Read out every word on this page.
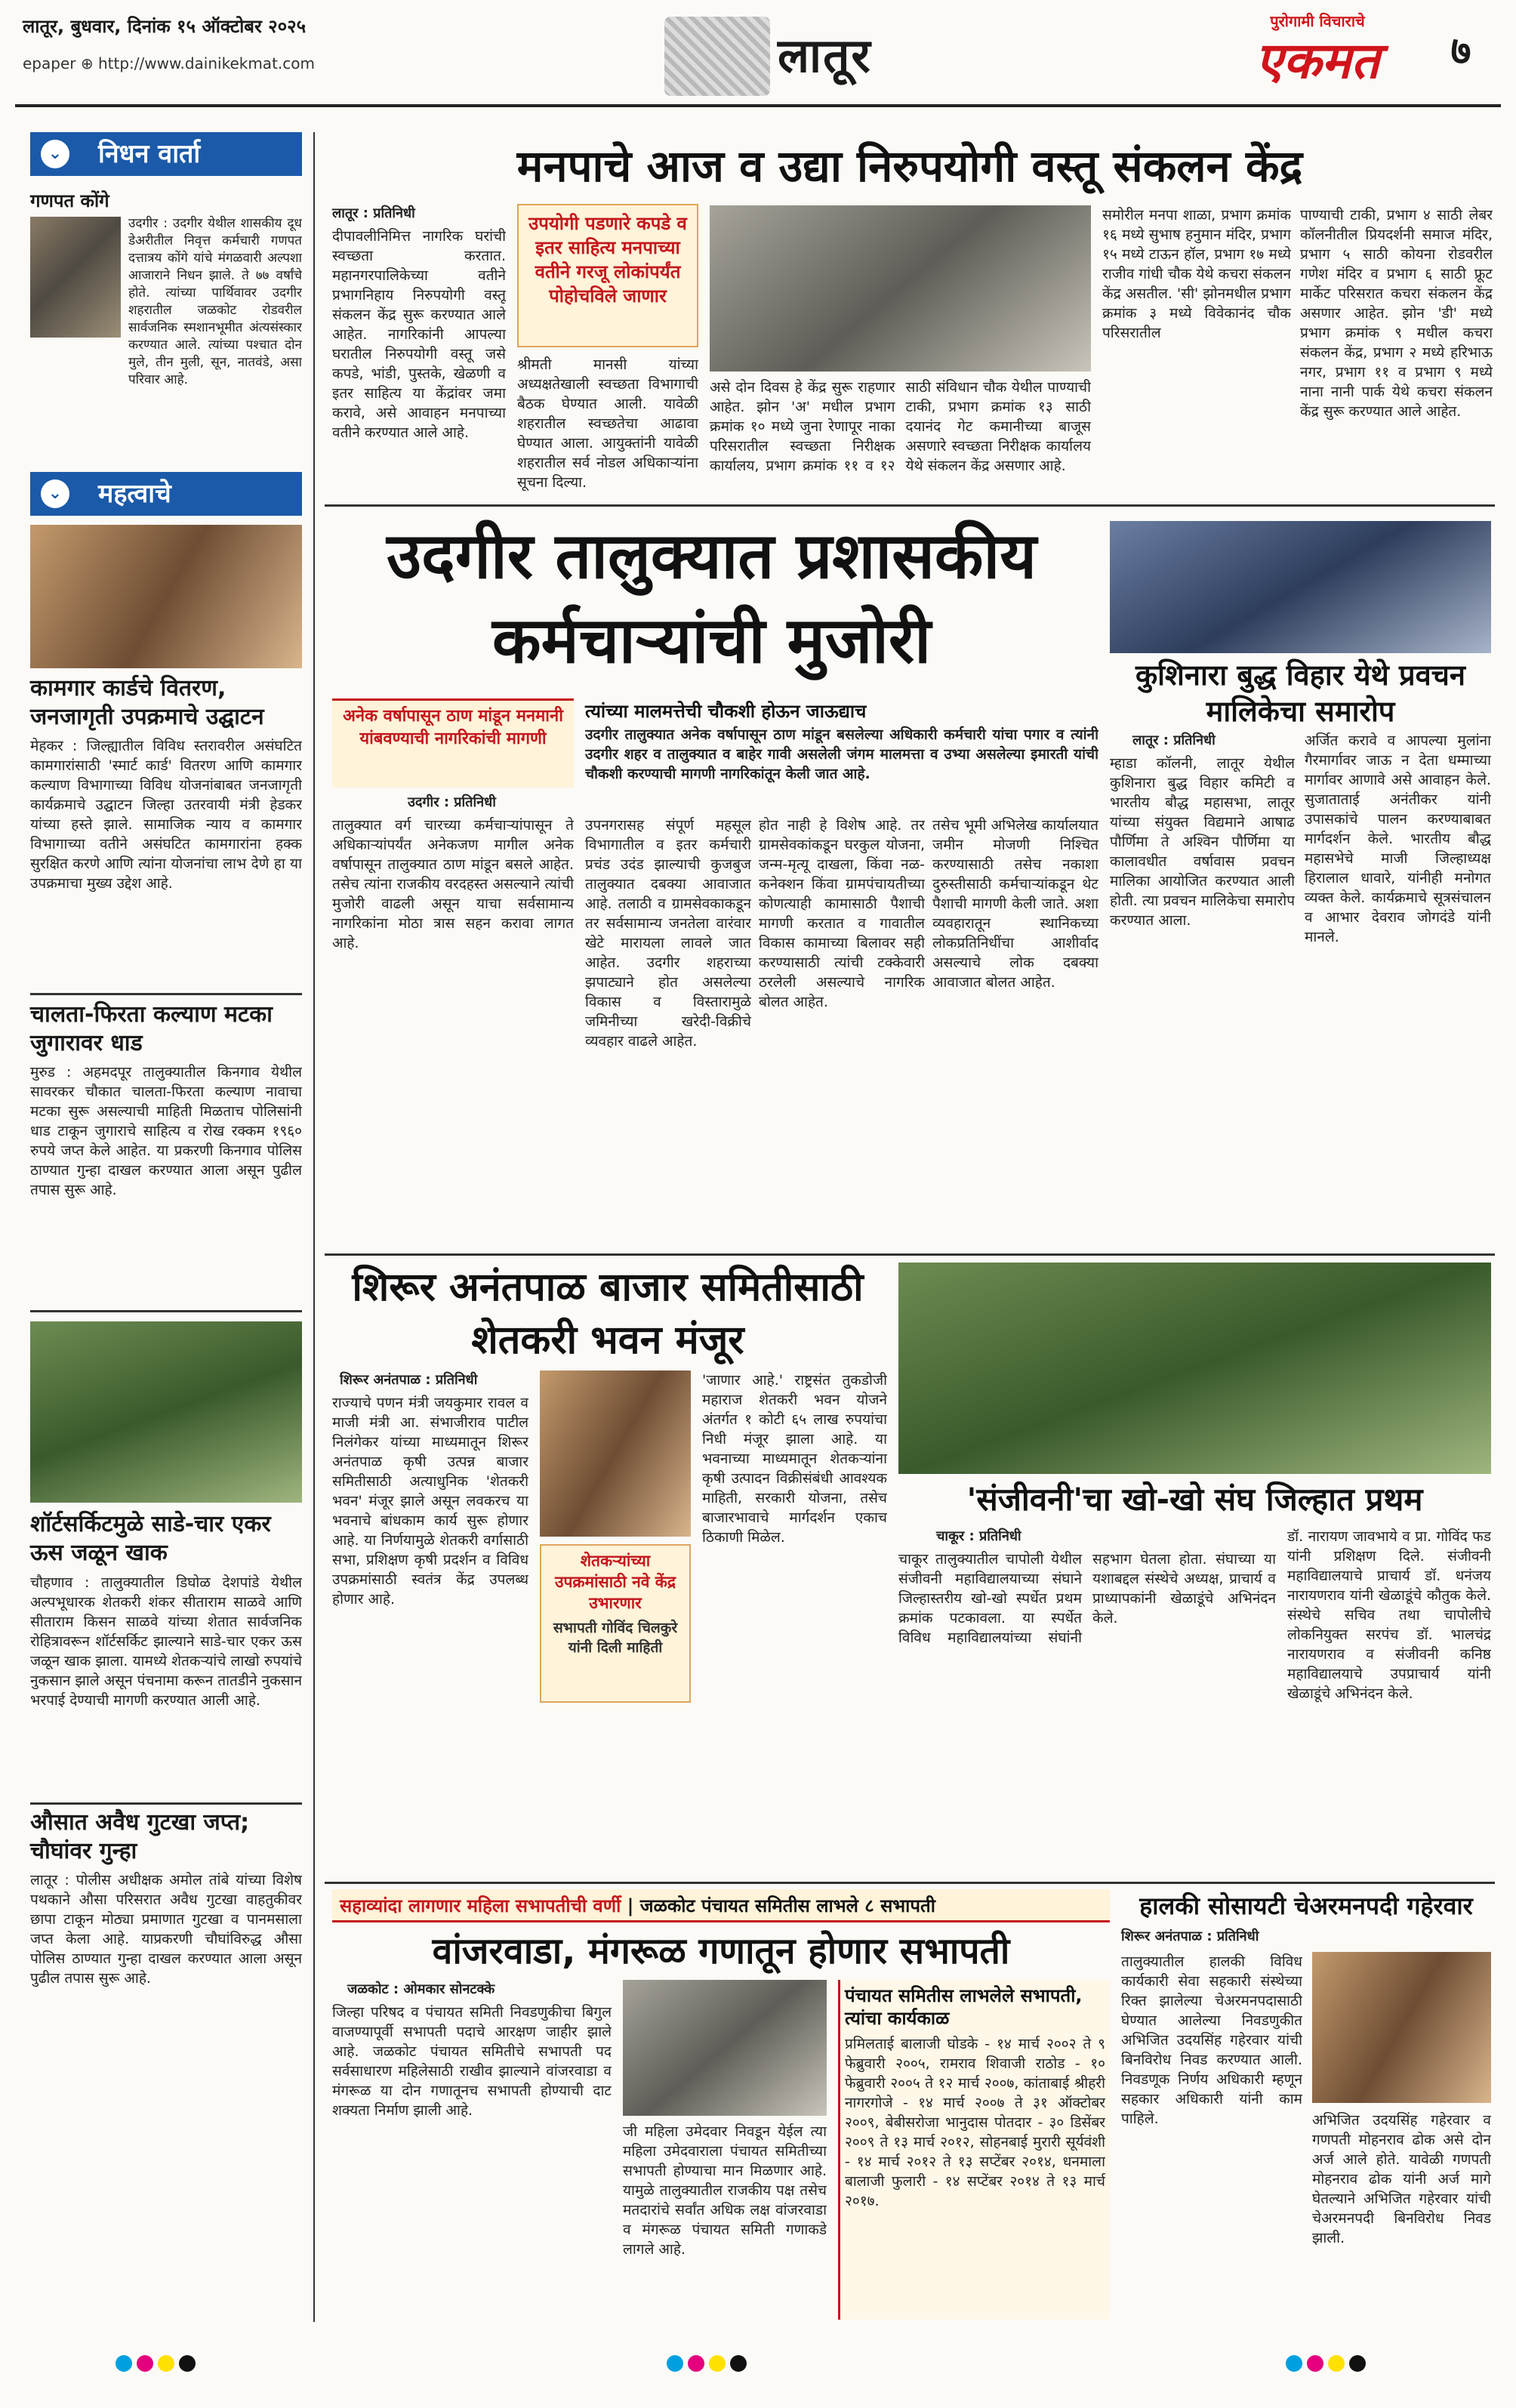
लातूर, बुधवार, दिनांक १५ ऑक्टोबर २०२५
epaper ⊕ http://www.dainikekmat.com	लातूर
पुरोगामी विचाराचे
एकमत	७
⌄ निधन वार्ता
गणपत कोंगे
उदगीर : उदगीर येथील शासकीय दूध डेअरीतील निवृत्त कर्मचारी गणपत दत्तात्रय कोंगे यांचे मंगळवारी अल्पशा आजाराने निधन झाले. ते ७७ वर्षांचे होते. त्यांच्या पार्थिवावर उदगीर शहरातील जळकोट रोडवरील सार्वजनिक स्मशानभूमीत अंत्यसंस्कार करण्यात आले. त्यांच्या पश्चात दोन मुले, तीन मुली, सून, नातवंडे, असा परिवार आहे.
⌄ महत्वाचे
कामगार कार्डचे वितरण, जनजागृती उपक्रमाचे उद्घाटन
मेहकर : जिल्ह्यातील विविध स्तरावरील असंघटित कामगारांसाठी 'स्मार्ट कार्ड' वितरण आणि कामगार कल्याण विभागाच्या विविध योजनांबाबत जनजागृती कार्यक्रमाचे उद्घाटन जिल्हा उतरवायी मंत्री हेडकर यांच्या हस्ते झाले. सामाजिक न्याय व कामगार विभागाच्या वतीने असंघटित कामगारांना हक्क सुरक्षित करणे आणि त्यांना योजनांचा लाभ देणे हा या उपक्रमाचा मुख्य उद्देश आहे.
चालता-फिरता कल्याण मटका जुगारावर धाड
मुरुड : अहमदपूर तालुक्यातील किनगाव येथील सावरकर चौकात चालता-फिरता कल्याण नावाचा मटका सुरू असल्याची माहिती मिळताच पोलिसांनी धाड टाकून जुगाराचे साहित्य व रोख रक्कम १९६० रुपये जप्त केले आहेत. या प्रकरणी किनगाव पोलिस ठाण्यात गुन्हा दाखल करण्यात आला असून पुढील तपास सुरू आहे.
शॉर्टसर्किटमुळे साडे-चार एकर ऊस जळून खाक
चौहणाव : तालुक्यातील डिघोळ देशपांडे येथील अल्पभूधारक शेतकरी शंकर सीताराम साळवे आणि सीताराम किसन साळवे यांच्या शेतात सार्वजनिक रोहित्रावरून शॉर्टसर्किट झाल्याने साडे-चार एकर ऊस जळून खाक झाला. यामध्ये शेतकऱ्यांचे लाखो रुपयांचे नुकसान झाले असून पंचनामा करून तातडीने नुकसान भरपाई देण्याची मागणी करण्यात आली आहे.
औसात अवैध गुटखा जप्त; चौघांवर गुन्हा
लातूर : पोलीस अधीक्षक अमोल तांबे यांच्या विशेष पथकाने औसा परिसरात अवैध गुटखा वाहतुकीवर छापा टाकून मोठ्या प्रमाणात गुटखा व पानमसाला जप्त केला आहे. याप्रकरणी चौघांविरुद्ध औसा पोलिस ठाण्यात गुन्हा दाखल करण्यात आला असून पुढील तपास सुरू आहे.
मनपाचे आज व उद्या निरुपयोगी वस्तू संकलन केंद्र
लातूर : प्रतिनिधी
दीपावलीनिमित्त नागरिक घरांची स्वच्छता करतात. महानगरपालिकेच्या वतीने प्रभागनिहाय निरुपयोगी वस्तू संकलन केंद्र सुरू करण्यात आले आहेत. नागरिकांनी आपल्या घरातील निरुपयोगी वस्तू जसे कपडे, भांडी, पुस्तके, खेळणी व इतर साहित्य या केंद्रांवर जमा करावे, असे आवाहन मनपाच्या वतीने करण्यात आले आहे.
उपयोगी पडणारे कपडे व इतर साहित्य मनपाच्या वतीने गरजू लोकांपर्यंत पोहोचविले जाणार
श्रीमती मानसी यांच्या अध्यक्षतेखाली स्वच्छता विभागाची बैठक घेण्यात आली. यावेळी शहरातील स्वच्छतेचा आढावा घेण्यात आला. आयुक्तांनी यावेळी शहरातील सर्व नोडल अधिकाऱ्यांना सूचना दिल्या.
असे दोन दिवस हे केंद्र सुरू राहणार आहेत. झोन 'अ' मधील प्रभाग क्रमांक १० मध्ये जुना रेणापूर नाका परिसरातील स्वच्छता निरीक्षक कार्यालय, प्रभाग क्रमांक ११ व १२ साठी संविधान चौक येथील पाण्याची टाकी, प्रभाग क्रमांक १३ साठी दयानंद गेट कमानीच्या बाजूस असणारे स्वच्छता निरीक्षक कार्यालय येथे संकलन केंद्र असणार आहे.
समोरील मनपा शाळा, प्रभाग क्रमांक १६ मध्ये सुभाष हनुमान मंदिर, प्रभाग १५ मध्ये टाऊन हॉल, प्रभाग १७ मध्ये राजीव गांधी चौक येथे कचरा संकलन केंद्र असतील. 'सी' झोनमधील प्रभाग क्रमांक ३ मध्ये विवेकानंद चौक परिसरातील
पाण्याची टाकी, प्रभाग ४ साठी लेबर कॉलनीतील प्रियदर्शनी समाज मंदिर, प्रभाग ५ साठी कोयना रोडवरील गणेश मंदिर व प्रभाग ६ साठी फ्रूट मार्केट परिसरात कचरा संकलन केंद्र असणार आहेत. झोन 'डी' मध्ये प्रभाग क्रमांक ९ मधील कचरा संकलन केंद्र, प्रभाग २ मध्ये हरिभाऊ नगर, प्रभाग ११ व प्रभाग ९ मध्ये नाना नानी पार्क येथे कचरा संकलन केंद्र सुरू करण्यात आले आहेत.
उदगीर तालुक्यात प्रशासकीय कर्मचाऱ्यांची मुजोरी
अनेक वर्षापासून ठाण मांडून मनमानी यांबवण्याची नागरिकांची मागणी
उदगीर : प्रतिनिधी
तालुक्यात वर्ग चारच्या कर्मचाऱ्यांपासून ते अधिकाऱ्यांपर्यंत अनेकजण मागील अनेक वर्षापासून तालुक्यात ठाण मांडून बसले आहेत. तसेच त्यांना राजकीय वरदहस्त असल्याने त्यांची मुजोरी वाढली असून याचा सर्वसामान्य नागरिकांना मोठा त्रास सहन करावा लागत आहे.
त्यांच्या मालमत्तेची चौकशी होऊन जाऊद्याच
उदगीर तालुक्यात अनेक वर्षापासून ठाण मांडून बसलेल्या अधिकारी कर्मचारी यांचा पगार व त्यांनी उदगीर शहर व तालुक्यात व बाहेर गावी असलेली जंगम मालमत्ता व उभ्या असलेल्या इमारती यांची चौकशी करण्याची मागणी नागरिकांतून केली जात आहे.
उपनगरासह संपूर्ण महसूल विभागातील व इतर कर्मचारी प्रचंड उदंड झाल्याची कुजबुज तालुक्यात दबक्या आवाजात आहे. तलाठी व ग्रामसेवकाकडून तर सर्वसामान्य जनतेला वारंवार खेटे मारायला लावले जात आहेत. उदगीर शहराच्या झपाट्याने होत असलेल्या विकास व विस्तारामुळे जमिनीच्या खरेदी-विक्रीचे व्यवहार वाढले आहेत.
होत नाही हे विशेष आहे. तर ग्रामसेवकांकडून घरकुल योजना, जन्म-मृत्यू दाखला, किंवा नळ-कनेक्शन किंवा ग्रामपंचायतीच्या कोणत्याही कामासाठी पैशाची मागणी करतात व गावातील विकास कामाच्या बिलावर सही करण्यासाठी त्यांची टक्केवारी ठरलेली असल्याचे नागरिक बोलत आहेत.
तसेच भूमी अभिलेख कार्यालयात जमीन मोजणी निश्चित करण्यासाठी तसेच नकाशा दुरुस्तीसाठी कर्मचाऱ्यांकडून थेट पैशाची मागणी केली जाते. अशा व्यवहारातून स्थानिकच्या लोकप्रतिनिधींचा आशीर्वाद असल्याचे लोक दबक्या आवाजात बोलत आहेत.
कुशिनारा बुद्ध विहार येथे प्रवचन मालिकेचा समारोप
लातूर : प्रतिनिधी
म्हाडा कॉलनी, लातूर येथील कुशिनारा बुद्ध विहार कमिटी व भारतीय बौद्ध महासभा, लातूर यांच्या संयुक्त विद्यमाने आषाढ पौर्णिमा ते अश्विन पौर्णिमा या कालावधीत वर्षावास प्रवचन मालिका आयोजित करण्यात आली होती. त्या प्रवचन मालिकेचा समारोप करण्यात आला.
अर्जित करावे व आपल्या मुलांना गैरमार्गावर जाऊ न देता धम्माच्या मार्गावर आणावे असे आवाहन केले. सुजाताताई अनंतीकर यांनी उपासकांचे पालन करण्याबाबत मार्गदर्शन केले. भारतीय बौद्ध महासभेचे माजी जिल्हाध्यक्ष हिरालाल धावारे, यांनीही मनोगत व्यक्त केले. कार्यक्रमाचे सूत्रसंचालन व आभार देवराव जोगदंडे यांनी मानले.
शिरूर अनंतपाळ बाजार समितीसाठी शेतकरी भवन मंजूर
शिरूर अनंतपाळ : प्रतिनिधी
राज्याचे पणन मंत्री जयकुमार रावल व माजी मंत्री आ. संभाजीराव पाटील निलंगेकर यांच्या माध्यमातून शिरूर अनंतपाळ कृषी उत्पन्न बाजार समितीसाठी अत्याधुनिक 'शेतकरी भवन' मंजूर झाले असून लवकरच या भवनाचे बांधकाम कार्य सुरू होणार आहे. या निर्णयामुळे शेतकरी वर्गासाठी सभा, प्रशिक्षण कृषी प्रदर्शन व विविध उपक्रमांसाठी स्वतंत्र केंद्र उपलब्ध होणार आहे.
शेतकऱ्यांच्या उपक्रमांसाठी नवे केंद्र उभारणार
सभापती गोविंद चिलकुरे यांनी दिली माहिती
'जाणार आहे.' राष्ट्रसंत तुकडोजी महाराज शेतकरी भवन योजने अंतर्गत १ कोटी ६५ लाख रुपयांचा निधी मंजूर झाला आहे. या भवनाच्या माध्यमातून शेतकऱ्यांना कृषी उत्पादन विक्रीसंबंधी आवश्यक माहिती, सरकारी योजना, तसेच बाजारभावाचे मार्गदर्शन एकाच ठिकाणी मिळेल.
'संजीवनी'चा खो-खो संघ जिल्हात प्रथम
चाकूर : प्रतिनिधी
चाकूर तालुक्यातील चापोली येथील संजीवनी महाविद्यालयाच्या संघाने जिल्हास्तरीय खो-खो स्पर्धेत प्रथम क्रमांक पटकावला. या स्पर्धेत विविध महाविद्यालयांच्या संघांनी सहभाग घेतला होता. संघाच्या या यशाबद्दल संस्थेचे अध्यक्ष, प्राचार्य व प्राध्यापकांनी खेळाडूंचे अभिनंदन केले.
डॉ. नारायण जावभाये व प्रा. गोविंद फड यांनी प्रशिक्षण दिले. संजीवनी महाविद्यालयाचे प्राचार्य डॉ. धनंजय नारायणराव यांनी खेळाडूंचे कौतुक केले. संस्थेचे सचिव तथा चापोलीचे लोकनियुक्त सरपंच डॉ. भालचंद्र नारायणराव व संजीवनी कनिष्ठ महाविद्यालयाचे उपप्राचार्य यांनी खेळाडूंचे अभिनंदन केले.
सहाव्यांदा लागणार महिला सभापतीची वर्णी | जळकोट पंचायत समितीस लाभले ८ सभापती
वांजरवाडा, मंगरूळ गणातून होणार सभापती
जळकोट : ओमकार सोनटक्के
जिल्हा परिषद व पंचायत समिती निवडणुकीचा बिगुल वाजण्यापूर्वी सभापती पदाचे आरक्षण जाहीर झाले आहे. जळकोट पंचायत समितीचे सभापती पद सर्वसाधारण महिलेसाठी राखीव झाल्याने वांजरवाडा व मंगरूळ या दोन गणातूनच सभापती होण्याची दाट शक्यता निर्माण झाली आहे.
जी महिला उमेदवार निवडून येईल त्या महिला उमेदवाराला पंचायत समितीच्या सभापती होण्याचा मान मिळणार आहे. यामुळे तालुक्यातील राजकीय पक्ष तसेच मतदारांचे सर्वांत अधिक लक्ष वांजरवाडा व मंगरूळ पंचायत समिती गणाकडे लागले आहे.
पंचायत समितीस लाभलेले सभापती, त्यांचा कार्यकाळ
प्रमिलताई बालाजी घोडके - १४ मार्च २००२ ते ९ फेब्रुवारी २००५, रामराव शिवाजी राठोड - १० फेब्रुवारी २००५ ते १२ मार्च २००७, कांताबाई श्रीहरी नागरगोजे - १४ मार्च २००७ ते ३१ ऑक्टोबर २००९, बेबीसरोजा भानुदास पोतदार - ३० डिसेंबर २००९ ते १३ मार्च २०१२, सोहनबाई मुरारी सूर्यवंशी - १४ मार्च २०१२ ते १३ सप्टेंबर २०१४, धनमाला बालाजी फुलारी - १४ सप्टेंबर २०१४ ते १३ मार्च २०१७.
हालकी सोसायटी चेअरमनपदी गहेरवार
शिरूर अनंतपाळ : प्रतिनिधी
तालुक्यातील हालकी विविध कार्यकारी सेवा सहकारी संस्थेच्या रिक्त झालेल्या चेअरमनपदासाठी घेण्यात आलेल्या निवडणुकीत अभिजित उदयसिंह गहेरवार यांची बिनविरोध निवड करण्यात आली. निवडणूक निर्णय अधिकारी म्हणून सहकार अधिकारी यांनी काम पाहिले.	अभिजित उदयसिंह गहेरवार व गणपती मोहनराव ढोक असे दोन अर्ज आले होते. यावेळी गणपती मोहनराव ढोक यांनी अर्ज मागे घेतल्याने अभिजित गहेरवार यांची चेअरमनपदी बिनविरोध निवड झाली.
